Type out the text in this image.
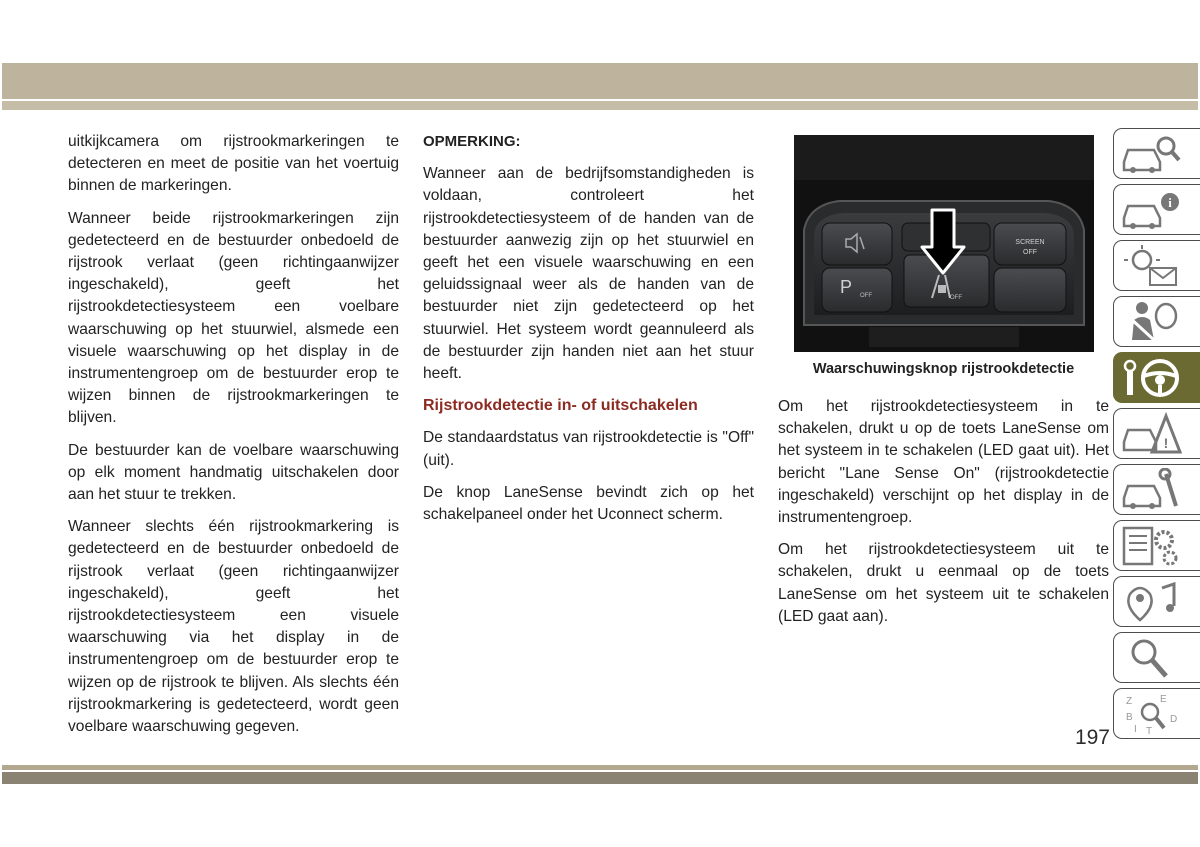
uitkijkcamera om rijstrookmarkeringen te detecteren en meet de positie van het voertuig binnen de markeringen.

Wanneer beide rijstrookmarkeringen zijn gedetecteerd en de bestuurder onbedoeld de rijstrook verlaat (geen richtingaanwijzer ingeschakeld), geeft het rijstrookdetectiesysteem een voelbare waarschuwing op het stuurwiel, alsmede een visuele waarschuwing op het display in de instrumentengroep om de bestuurder erop te wijzen binnen de rijstrookmarkeringen te blijven.

De bestuurder kan de voelbare waarschuwing op elk moment handmatig uitschakelen door aan het stuur te trekken.

Wanneer slechts één rijstrookmarkering is gedetecteerd en de bestuurder onbedoeld de rijstrook verlaat (geen richtingaanwijzer ingeschakeld), geeft het rijstrookdetectiesysteem een visuele waarschuwing via het display in de instrumentengroep om de bestuurder erop te wijzen op de rijstrook te blijven. Als slechts één rijstrookmarkering is gedetecteerd, wordt geen voelbare waarschuwing gegeven.

OPMERKING:

Wanneer aan de bedrijfsomstandigheden is voldaan, controleert het rijstrookdetectiesysteem of de handen van de bestuurder aanwezig zijn op het stuurwiel en geeft het een visuele waarschuwing en een geluidssignaal weer als de handen van de bestuurder niet zijn gedetecteerd op het stuurwiel. Het systeem wordt geannuleerd als de bestuurder zijn handen niet aan het stuur heeft.

Rijstrookdetectie in- of uitschakelen

De standaardstatus van rijstrookdetectie is "Off" (uit).

De knop LaneSense bevindt zich op het schakelpaneel onder het Uconnect scherm.

SCREEN
OFF
P OFF	OFF
Waarschuwingsknop rijstrookdetectie

Om het rijstrookdetectiesysteem in te schakelen, drukt u op de toets LaneSense om het systeem in te schakelen (LED gaat uit). Het bericht "Lane Sense On" (rijstrookdetectie ingeschakeld) verschijnt op het display in de instrumentengroep.

Om het rijstrookdetectiesysteem uit te schakelen, drukt u eenmaal op de toets LaneSense om het systeem uit te schakelen (LED gaat aan).

i
!
Z	E
B	D
I T
197
